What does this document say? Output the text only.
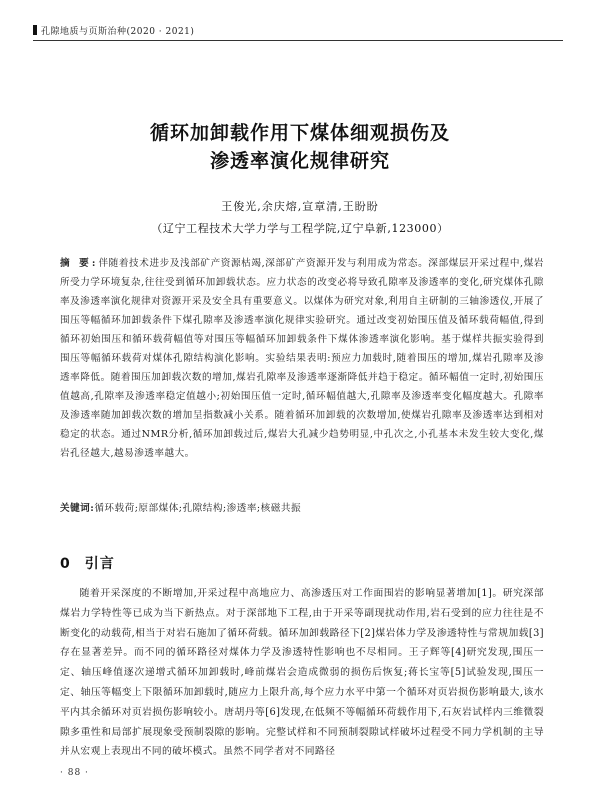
孔隙地质与页斯治种(2020 · 2021)
循环加卸载作用下煤体细观损伤及
渗透率演化规律研究
王俊光,余庆熔,宣章清,王盼盼
（辽宁工程技术大学力学与工程学院,辽宁阜新,123000）
摘 要:伴随着技术进步及浅部矿产资源枯竭,深部矿产资源开发与利用成为常态。深部煤层开采过程中,煤岩所受力学环境复杂,往往受到循环加卸载状态。应力状态的改变必将导致孔隙率及渗透率的变化,研究煤体孔隙率及渗透率演化规律对资源开采及安全具有重要意义。以煤体为研究对象,利用自主研制的三轴渗透仪,开展了围压等幅循环加卸载条件下煤孔隙率及渗透率演化规律实验研究。通过改变初始围压值及循环载荷幅值,得到循环初始围压和循环载荷幅值等对围压等幅循环加卸载条件下煤体渗透率演化影响。基于煤样共振实验得到围压等幅循环载荷对煤体孔隙结构演化影响。实验结果表明:预应力加载时,随着围压的增加,煤岩孔隙率及渗透率降低。随着围压加卸载次数的增加,煤岩孔隙率及渗透率逐渐降低并趋于稳定。循环幅值一定时,初始围压值越高,孔隙率及渗透率稳定值越小;初始围压值一定时,循环幅值越大,孔隙率及渗透率变化幅度越大。孔隙率及渗透率随加卸载次数的增加呈指数减小关系。随着循环加卸载的次数增加,使煤岩孔隙率及渗透率达到相对稳定的状态。通过NMR分析,循环加卸载过后,煤岩大孔减少趋势明显,中孔次之,小孔基本未发生较大变化,煤岩孔径越大,越易渗透率越大。
关键词:循环载荷;原部煤体;孔隙结构;渗透率;核磁共振
0 引言
随着开采深度的不断增加,开采过程中高地应力、高渗透压对工作面围岩的影响显著增加[1]。研究深部煤岩力学特性等已成为当下新热点。对于深部地下工程,由于开采等副现扰动作用,岩石受到的应力往往是不断变化的动载荷,相当于对岩石施加了循环荷载。循环加卸载路径下[2]煤岩体力学及渗透特性与常规加载[3]存在显著差异。而不同的循环路径对煤体力学及渗透特性影响也不尽相同。王子辉等[4]研究发现,围压一定、轴压峰值逐次递增式循环加卸载时,峰前煤岩会造成微弱的损伤后恢复;蒋长宝等[5]试验发现,围压一定、轴压等幅变上下限循环加卸载时,随应力上限升高,每个应力水平中第一个循环对页岩损伤影响最大,该水平内其余循环对页岩损伤影响较小。唐胡丹等[6]发现,在低频不等幅循环荷载作用下,石灰岩试样内三维微裂隙多重性和局部扩展现象受预制裂隙的影响。完整试样和不同预制裂隙试样破坏过程受不同力学机制的主导并从宏观上表现出不同的破坏模式。虽然不同学者对不同路径
· 88 ·
